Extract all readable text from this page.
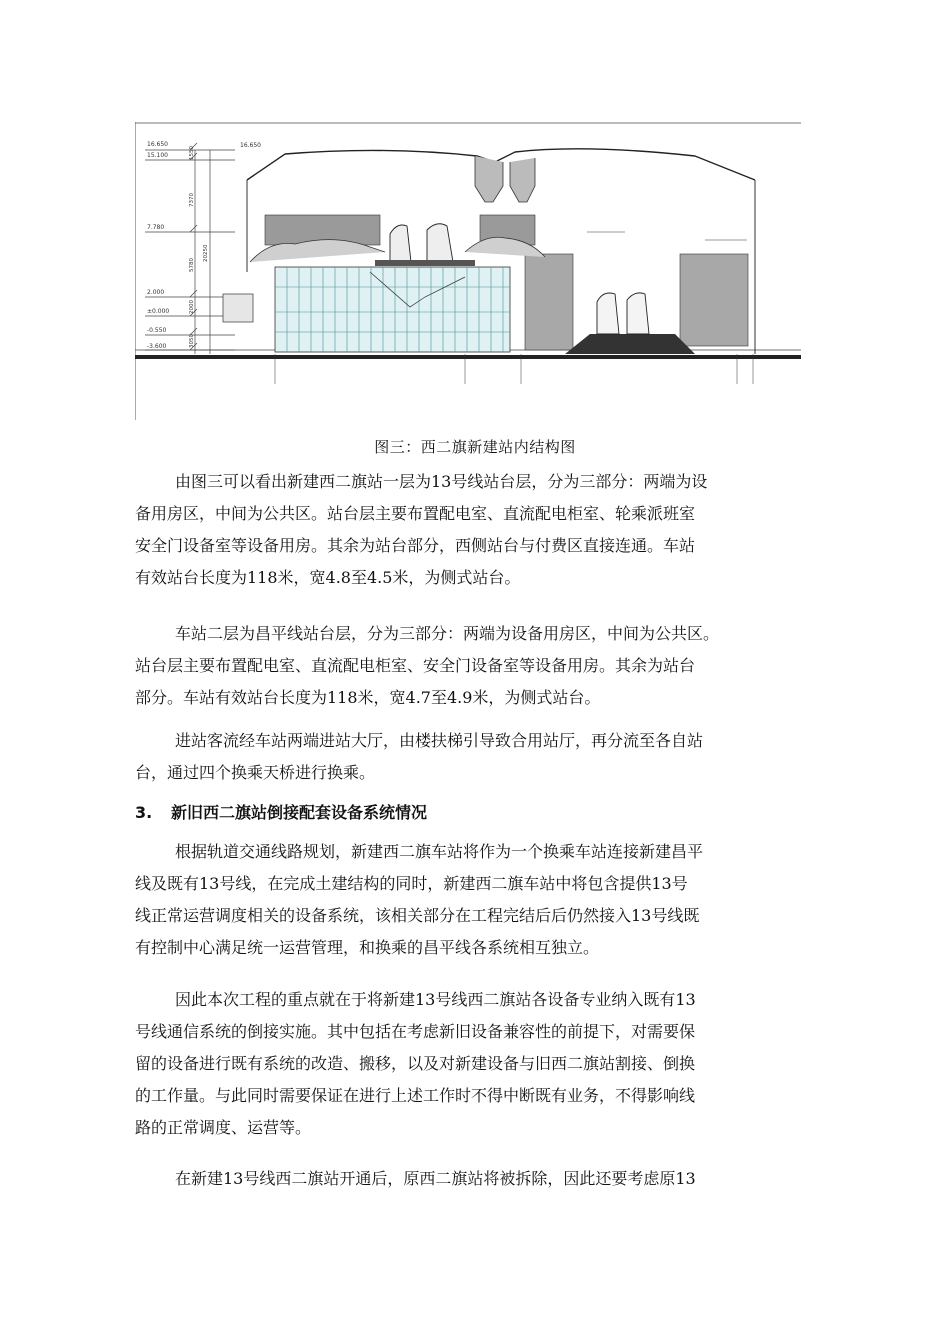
16.650
15.100
7.780
2.000
±0.000
-0.550
-3.600
16.650
1550
7370
5780
2000
3050
20250
图三：西二旗新建站内结构图
由图三可以看出新建西二旗站一层为13号线站台层，分为三部分：两端为设
备用房区，中间为公共区。站台层主要布置配电室、直流配电柜室、轮乘派班室
安全门设备室等设备用房。其余为站台部分，西侧站台与付费区直接连通。车站
有效站台长度为118米，宽4.8至4.5米，为侧式站台。
车站二层为昌平线站台层，分为三部分：两端为设备用房区，中间为公共区。
站台层主要布置配电室、直流配电柜室、安全门设备室等设备用房。其余为站台
部分。车站有效站台长度为118米，宽4.7至4.9米，为侧式站台。
进站客流经车站两端进站大厅，由楼扶梯引导致合用站厅，再分流至各自站
台，通过四个换乘天桥进行换乘。
3. 新旧西二旗站倒接配套设备系统情况
根据轨道交通线路规划，新建西二旗车站将作为一个换乘车站连接新建昌平
线及既有13号线，在完成土建结构的同时，新建西二旗车站中将包含提供13号
线正常运营调度相关的设备系统，该相关部分在工程完结后后仍然接入13号线既
有控制中心满足统一运营管理，和换乘的昌平线各系统相互独立。
因此本次工程的重点就在于将新建13号线西二旗站各设备专业纳入既有13
号线通信系统的倒接实施。其中包括在考虑新旧设备兼容性的前提下，对需要保
留的设备进行既有系统的改造、搬移，以及对新建设备与旧西二旗站割接、倒换
的工作量。与此同时需要保证在进行上述工作时不得中断既有业务，不得影响线
路的正常调度、运营等。
在新建13号线西二旗站开通后，原西二旗站将被拆除，因此还要考虑原13
